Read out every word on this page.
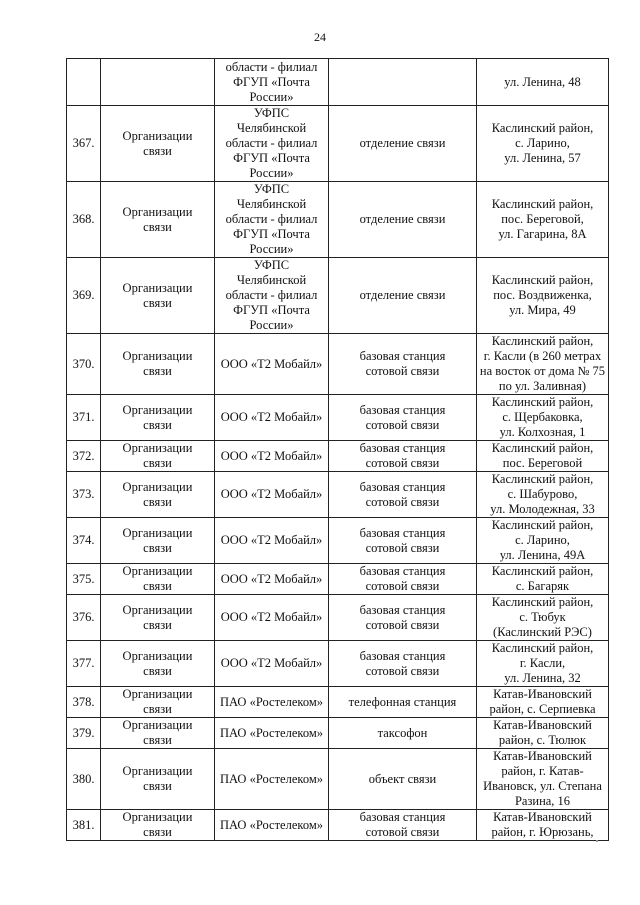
24

		области - филиал
ФГУП «Почта
России»		ул. Ленина, 48

367.	Организации
связи	УФПС
Челябинской
области - филиал
ФГУП «Почта
России»	отделение связи	Каслинский район,
с. Ларино,
ул. Ленина, 57

368.	Организации
связи	УФПС
Челябинской
области - филиал
ФГУП «Почта
России»	отделение связи	Каслинский район,
пос. Береговой,
ул. Гагарина, 8А

369.	Организации
связи	УФПС
Челябинской
области - филиал
ФГУП «Почта
России»	отделение связи	Каслинский район,
пос. Воздвиженка,
ул. Мира, 49

370.	Организации
связи	ООО «Т2 Мобайл»	базовая станция
сотовой связи	Каслинский район,
г. Касли (в 260 метрах
на восток от дома № 75
по ул. Заливная)

371.	Организации
связи	ООО «Т2 Мобайл»	базовая станция
сотовой связи	Каслинский район,
с. Щербаковка,
ул. Колхозная, 1

372.	Организации
связи	ООО «Т2 Мобайл»	базовая станция
сотовой связи	Каслинский район,
пос. Береговой

373.	Организации
связи	ООО «Т2 Мобайл»	базовая станция
сотовой связи	Каслинский район,
с. Шабурово,
ул. Молодежная, 33

374.	Организации
связи	ООО «Т2 Мобайл»	базовая станция
сотовой связи	Каслинский район,
с. Ларино,
ул. Ленина, 49А

375.	Организации
связи	ООО «Т2 Мобайл»	базовая станция
сотовой связи	Каслинский район,
с. Багаряк

376.	Организации
связи	ООО «Т2 Мобайл»	базовая станция
сотовой связи	Каслинский район,
с. Тюбук
(Каслинский РЭС)

377.	Организации
связи	ООО «Т2 Мобайл»	базовая станция
сотовой связи	Каслинский район,
г. Касли,
ул. Ленина, 32

378.	Организации
связи	ПАО «Ростелеком»	телефонная станция	Катав-Ивановский
район, с. Серпиевка

379.	Организации
связи	ПАО «Ростелеком»	таксофон	Катав-Ивановский
район, с. Тюлюк

380.	Организации
связи	ПАО «Ростелеком»	объект связи	Катав-Ивановский
район, г. Катав-
Ивановск, ул. Степана
Разина, 16

381.	Организации
связи	ПАО «Ростелеком»	базовая станция
сотовой связи	Катав-Ивановский
район, г. Юрюзань,
